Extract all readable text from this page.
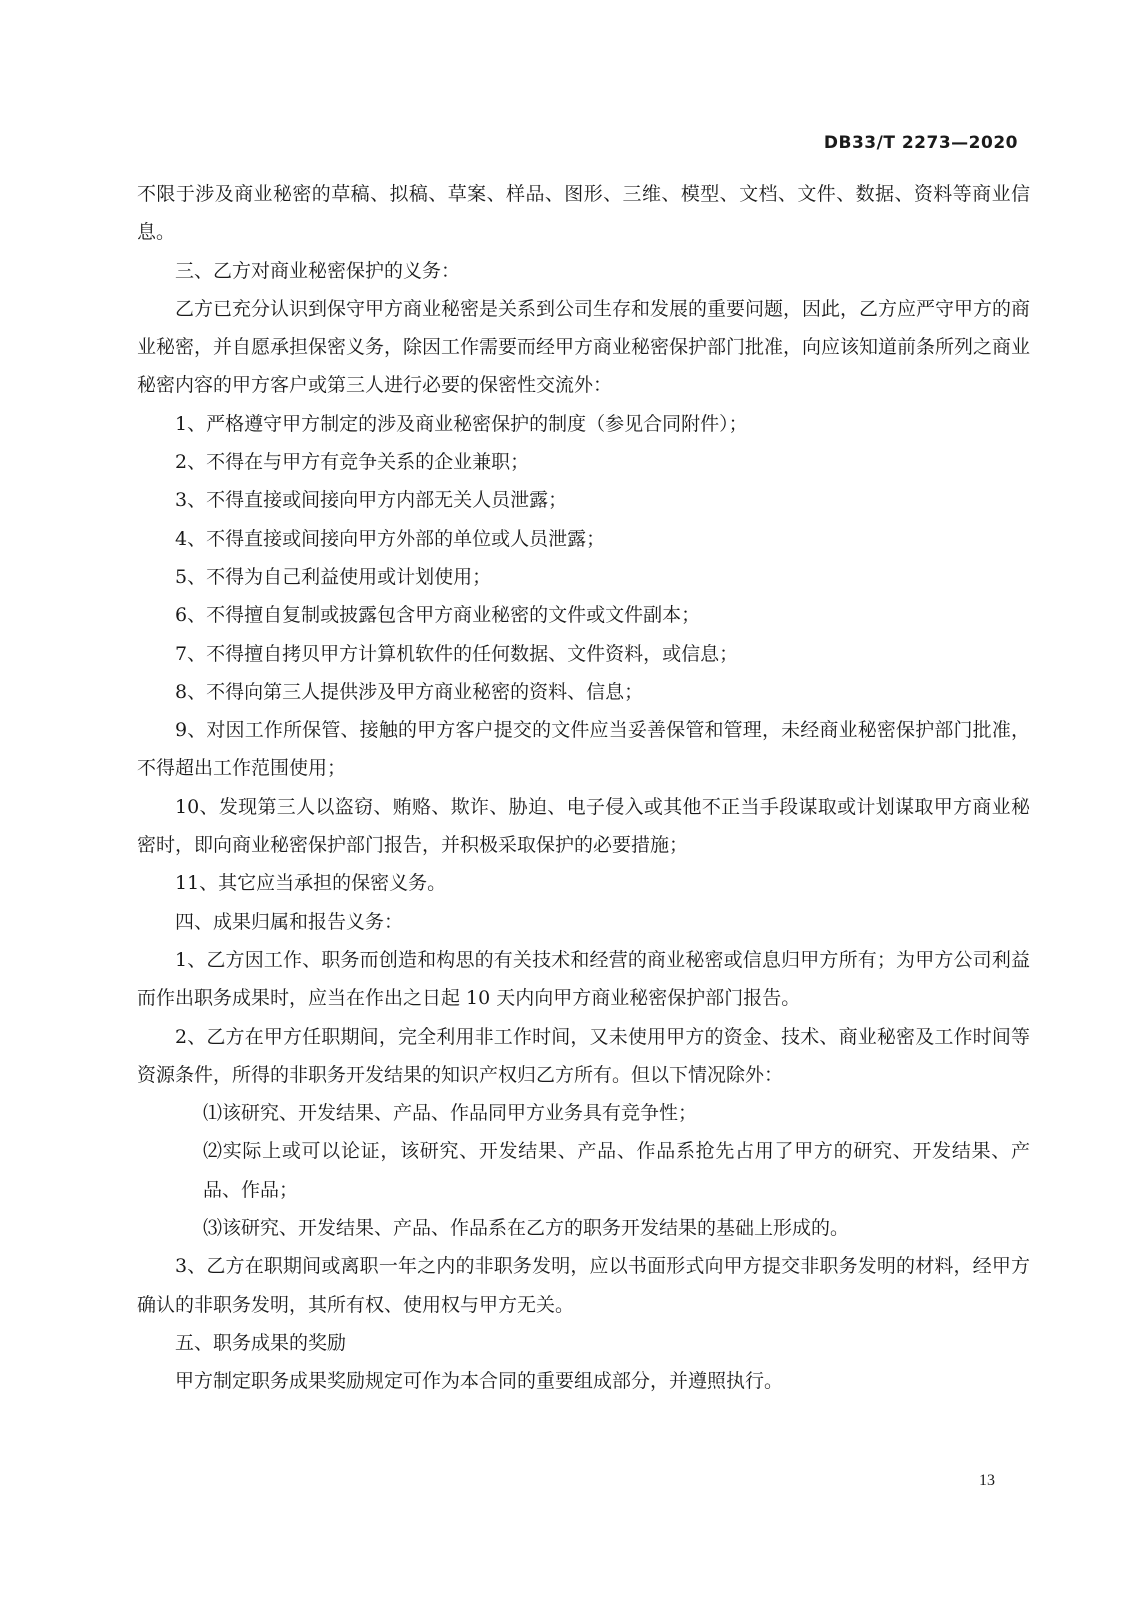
DB33/T 2273—2020

不限于涉及商业秘密的草稿、拟稿、草案、样品、图形、三维、模型、文档、文件、数据、资料等商业信息。

三、乙方对商业秘密保护的义务：

乙方已充分认识到保守甲方商业秘密是关系到公司生存和发展的重要问题，因此，乙方应严守甲方的商业秘密，并自愿承担保密义务，除因工作需要而经甲方商业秘密保护部门批准，向应该知道前条所列之商业秘密内容的甲方客户或第三人进行必要的保密性交流外：

1、严格遵守甲方制定的涉及商业秘密保护的制度（参见合同附件）；

2、不得在与甲方有竞争关系的企业兼职；

3、不得直接或间接向甲方内部无关人员泄露；

4、不得直接或间接向甲方外部的单位或人员泄露；

5、不得为自己利益使用或计划使用；

6、不得擅自复制或披露包含甲方商业秘密的文件或文件副本；

7、不得擅自拷贝甲方计算机软件的任何数据、文件资料，或信息；

8、不得向第三人提供涉及甲方商业秘密的资料、信息；

9、对因工作所保管、接触的甲方客户提交的文件应当妥善保管和管理，未经商业秘密保护部门批准，不得超出工作范围使用；

10、发现第三人以盗窃、贿赂、欺诈、胁迫、电子侵入或其他不正当手段谋取或计划谋取甲方商业秘密时，即向商业秘密保护部门报告，并积极采取保护的必要措施；

11、其它应当承担的保密义务。

四、成果归属和报告义务：

1、乙方因工作、职务而创造和构思的有关技术和经营的商业秘密或信息归甲方所有；为甲方公司利益而作出职务成果时，应当在作出之日起 10 天内向甲方商业秘密保护部门报告。

2、乙方在甲方任职期间，完全利用非工作时间，又未使用甲方的资金、技术、商业秘密及工作时间等资源条件，所得的非职务开发结果的知识产权归乙方所有。但以下情况除外：

⑴该研究、开发结果、产品、作品同甲方业务具有竞争性；

⑵实际上或可以论证，该研究、开发结果、产品、作品系抢先占用了甲方的研究、开发结果、产品、作品；

⑶该研究、开发结果、产品、作品系在乙方的职务开发结果的基础上形成的。

3、乙方在职期间或离职一年之内的非职务发明，应以书面形式向甲方提交非职务发明的材料，经甲方确认的非职务发明，其所有权、使用权与甲方无关。

五、职务成果的奖励

甲方制定职务成果奖励规定可作为本合同的重要组成部分，并遵照执行。

13
